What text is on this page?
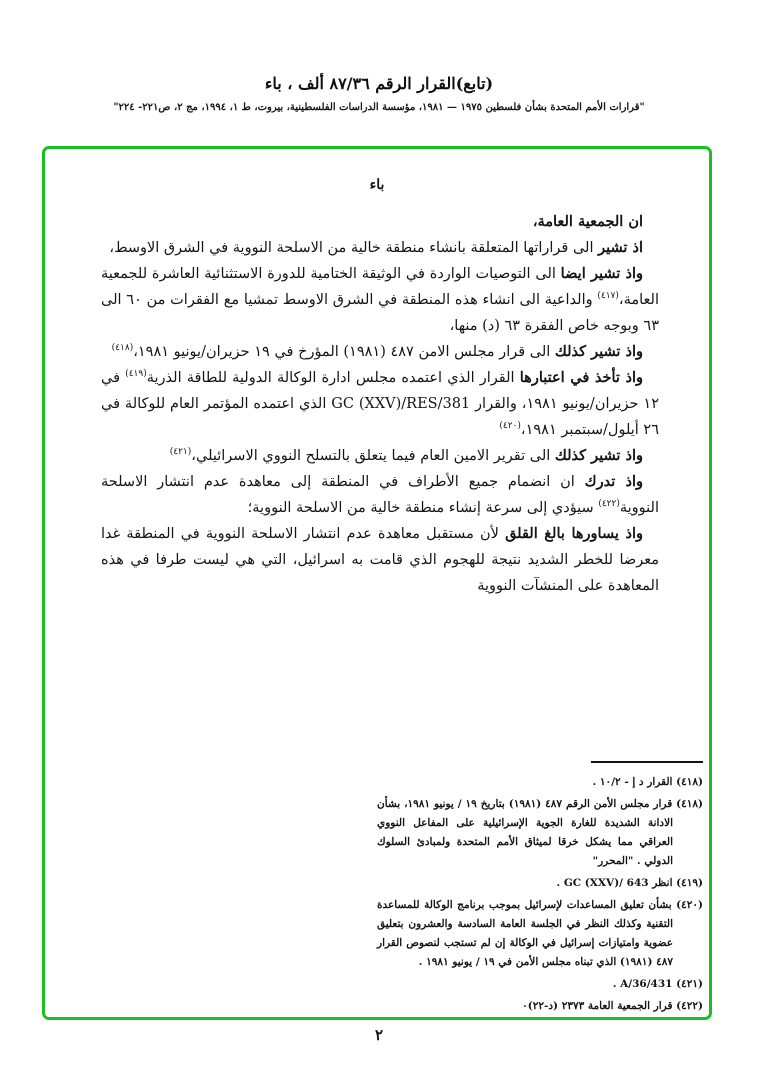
(تابع)القرار الرقم ٨٧/٣٦ ألف ، باء
"قرارات الأمم المتحدة بشأن فلسطين ١٩٧٥ — ١٩٨١، مؤسسة الدراسات الفلسطينية، بيروت، ط ١، ١٩٩٤، مج ٢، ص٢٢١- ٢٢٤"
باء

ان الجمعية العامة،

اذ تشير الى قراراتها المتعلقة بانشاء منطقة خالية من الاسلحة النووية في الشرق الاوسط،

واذ تشير ايضا الى التوصيات الواردة في الوثيقة الختامية للدورة الاستثنائية العاشرة للجمعية العامة،$^{(٤١٧)}$ والداعية الى انشاء هذه المنطقة في الشرق الاوسط تمشيا مع الفقرات من ٦٠ الى ٦٣ وبوجه خاص الفقرة ٦٣ (د) منها،

واذ تشير كذلك الى قرار مجلس الامن ٤٨٧ (١٩٨١) المؤرخ في ١٩ حزيران/يونيو ١٩٨١،$^{(٤١٨)}$

واذ تأخذ في اعتبارها القرار الذي اعتمده مجلس ادارة الوكالة الدولية للطاقة الذرية$^{(٤١٩)}$ في ١٢ حزيران/يونيو ١٩٨١، والقرار GC (XXV)/RES/381 الذي اعتمده المؤتمر العام للوكالة في ٢٦ أيلول/سبتمبر ١٩٨١،$^{(٤٢٠)}$

واذ تشير كذلك الى تقرير الامين العام فيما يتعلق بالتسلح النووي الاسرائيلي،$^{(٤٢١)}$

واذ تدرك ان انضمام جميع الأطراف في المنطقة إلى معاهدة عدم انتشار الاسلحة النووية$^{(٤٢٢)}$ سيؤدي إلى سرعة إنشاء منطقة خالية من الاسلحة النووية؛

واذ يساورها بالغ القلق لأن مستقبل معاهدة عدم انتشار الاسلحة النووية في المنطقة غدا معرضا للخطر الشديد نتيجة للهجوم الذي قامت به اسرائيل، التي هي ليست طرفا في هذه المعاهدة على المنشآت النووية

(٤١٨) القرار د إ - ١٠/٢ .

(٤١٨) قرار مجلس الأمن الرقم ٤٨٧ (١٩٨١) بتاريخ ١٩ / يونيو ١٩٨١، بشأن الادانة الشديدة للغارة الجوية الإسرائيلية على المفاعل النووي العراقي مما يشكل خرقا لميثاق الأمم المتحدة ولمبادئ السلوك الدولي . "المحرر"

(٤١٩) انظر GC (XXV)/ 643 .

(٤٢٠) بشأن تعليق المساعدات لإسرائيل بموجب برنامج الوكالة للمساعدة التقنية وكذلك النظر في الجلسة العامة السادسة والعشرون بتعليق عضوية وامتيازات إسرائيل في الوكالة إن لم تستجب لنصوص القرار ٤٨٧ (١٩٨١) الذي تبناه مجلس الأمن في ١٩ / يونيو ١٩٨١ .

(٤٢١) A/36/431 .

(٤٢٢) قرار الجمعية العامة ٢٣٧٣ (د-٢٢)٠

٢
